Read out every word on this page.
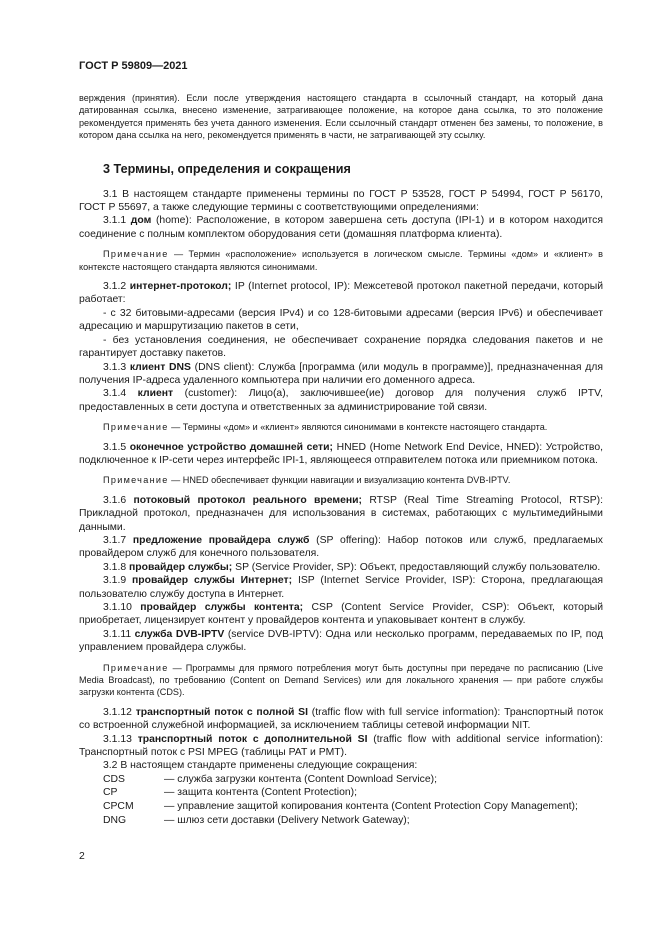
ГОСТ Р 59809—2021

верждения (принятия). Если после утверждения настоящего стандарта в ссылочный стандарт, на который дана датированная ссылка, внесено изменение, затрагивающее положение, на которое дана ссылка, то это положение рекомендуется применять без учета данного изменения. Если ссылочный стандарт отменен без замены, то положение, в котором дана ссылка на него, рекомендуется применять в части, не затрагивающей эту ссылку.

3 Термины, определения и сокращения

3.1 В настоящем стандарте применены термины по ГОСТ Р 53528, ГОСТ Р 54994, ГОСТ Р 56170, ГОСТ Р 55697, а также следующие термины с соответствующими определениями:

3.1.1 дом (home): Расположение, в котором завершена сеть доступа (IPI-1) и в котором находится соединение с полным комплектом оборудования сети (домашняя платформа клиента).

Примечание — Термин «расположение» используется в логическом смысле. Термины «дом» и «клиент» в контексте настоящего стандарта являются синонимами.

3.1.2 интернет-протокол; IP (Internet protocol, IP): Межсетевой протокол пакетной передачи, который работает:

- с 32 битовыми-адресами (версия IPv4) и со 128-битовыми адресами (версия IPv6) и обеспечивает адресацию и маршрутизацию пакетов в сети,

- без установления соединения, не обеспечивает сохранение порядка следования пакетов и не гарантирует доставку пакетов.

3.1.3 клиент DNS (DNS client): Служба [программа (или модуль в программе)], предназначенная для получения IP-адреса удаленного компьютера при наличии его доменного адреса.

3.1.4 клиент (customer): Лицо(а), заключившее(ие) договор для получения служб IPTV, предоставленных в сети доступа и ответственных за администрирование той связи.

Примечание — Термины «дом» и «клиент» являются синонимами в контексте настоящего стандарта.

3.1.5 оконечное устройство домашней сети; HNED (Home Network End Device, HNED): Устройство, подключенное к IP-сети через интерфейс IPI-1, являющееся отправителем потока или приемником потока.

Примечание — HNED обеспечивает функции навигации и визуализацию контента DVB-IPTV.

3.1.6 потоковый протокол реального времени; RTSP (Real Time Streaming Protocol, RTSP): Прикладной протокол, предназначен для использования в системах, работающих с мультимедийными данными.

3.1.7 предложение провайдера служб (SP offering): Набор потоков или служб, предлагаемых провайдером служб для конечного пользователя.

3.1.8 провайдер службы; SP (Service Provider, SP): Объект, предоставляющий службу пользователю.

3.1.9 провайдер службы Интернет; ISP (Internet Service Provider, ISP): Сторона, предлагающая пользователю службу доступа в Интернет.

3.1.10 провайдер службы контента; CSP (Content Service Provider, CSP): Объект, который приобретает, лицензирует контент у провайдеров контента и упаковывает контент в службу.

3.1.11 служба DVB-IPTV (service DVB-IPTV): Одна или несколько программ, передаваемых по IP, под управлением провайдера службы.

Примечание — Программы для прямого потребления могут быть доступны при передаче по расписанию (Live Media Broadcast), по требованию (Content on Demand Services) или для локального хранения — при работе службы загрузки контента (CDS).

3.1.12 транспортный поток с полной SI (traffic flow with full service information): Транспортный поток со встроенной служебной информацией, за исключением таблицы сетевой информации NIT.

3.1.13 транспортный поток с дополнительной SI (traffic flow with additional service information): Транспортный поток с PSI MPEG (таблицы PAT и PMT).

3.2 В настоящем стандарте применены следующие сокращения:

CDS	— служба загрузки контента (Content Download Service);
CP	— защита контента (Content Protection);
CPCM	— управление защитой копирования контента (Content Protection Copy Management);
DNG	— шлюз сети доставки (Delivery Network Gateway);
2
